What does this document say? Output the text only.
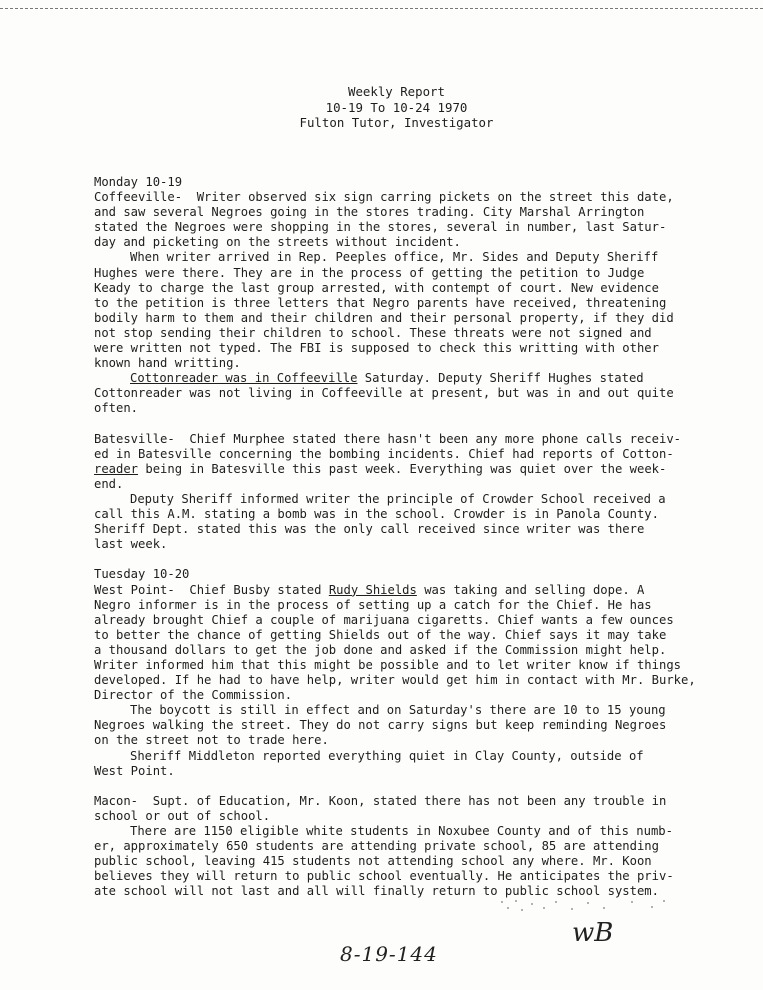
Weekly Report
10-19 To 10-24 1970
Fulton Tutor, Investigator
Monday 10-19
Coffeeville-  Writer observed six sign carring pickets on the street this date,
and saw several Negroes going in the stores trading. City Marshal Arrington
stated the Negroes were shopping in the stores, several in number, last Satur-
day and picketing on the streets without incident.
When writer arrived in Rep. Peeples office, Mr. Sides and Deputy Sheriff
Hughes were there. They are in the process of getting the petition to Judge
Keady to charge the last group arrested, with contempt of court. New evidence
to the petition is three letters that Negro parents have received, threatening
bodily harm to them and their children and their personal property, if they did
not stop sending their children to school. These threats were not signed and
were written not typed. The FBI is supposed to check this writting with other
known hand writting.
Cottonreader was in Coffeeville Saturday. Deputy Sheriff Hughes stated
Cottonreader was not living in Coffeeville at present, but was in and out quite
often.
Batesville-  Chief Murphee stated there hasn't been any more phone calls receiv-
ed in Batesville concerning the bombing incidents. Chief had reports of Cotton-
reader being in Batesville this past week. Everything was quiet over the week-
end.
Deputy Sheriff informed writer the principle of Crowder School received a
call this A.M. stating a bomb was in the school. Crowder is in Panola County.
Sheriff Dept. stated this was the only call received since writer was there
last week.
Tuesday 10-20
West Point-  Chief Busby stated Rudy Shields was taking and selling dope. A
Negro informer is in the process of setting up a catch for the Chief. He has
already brought Chief a couple of marijuana cigaretts. Chief wants a few ounces
to better the chance of getting Shields out of the way. Chief says it may take
a thousand dollars to get the job done and asked if the Commission might help.
Writer informed him that this might be possible and to let writer know if things
developed. If he had to have help, writer would get him in contact with Mr. Burke,
Director of the Commission.
The boycott is still in effect and on Saturday's there are 10 to 15 young
Negroes walking the street. They do not carry signs but keep reminding Negroes
on the street not to trade here.
Sheriff Middleton reported everything quiet in Clay County, outside of
West Point.
Macon-  Supt. of Education, Mr. Koon, stated there has not been any trouble in
school or out of school.
There are 1150 eligible white students in Noxubee County and of this numb-
er, approximately 650 students are attending private school, 85 are attending
public school, leaving 415 students not attending school any where. Mr. Koon
believes they will return to public school eventually. He anticipates the priv-
ate school will not last and all will finally return to public school system.
wB
8-19-144
